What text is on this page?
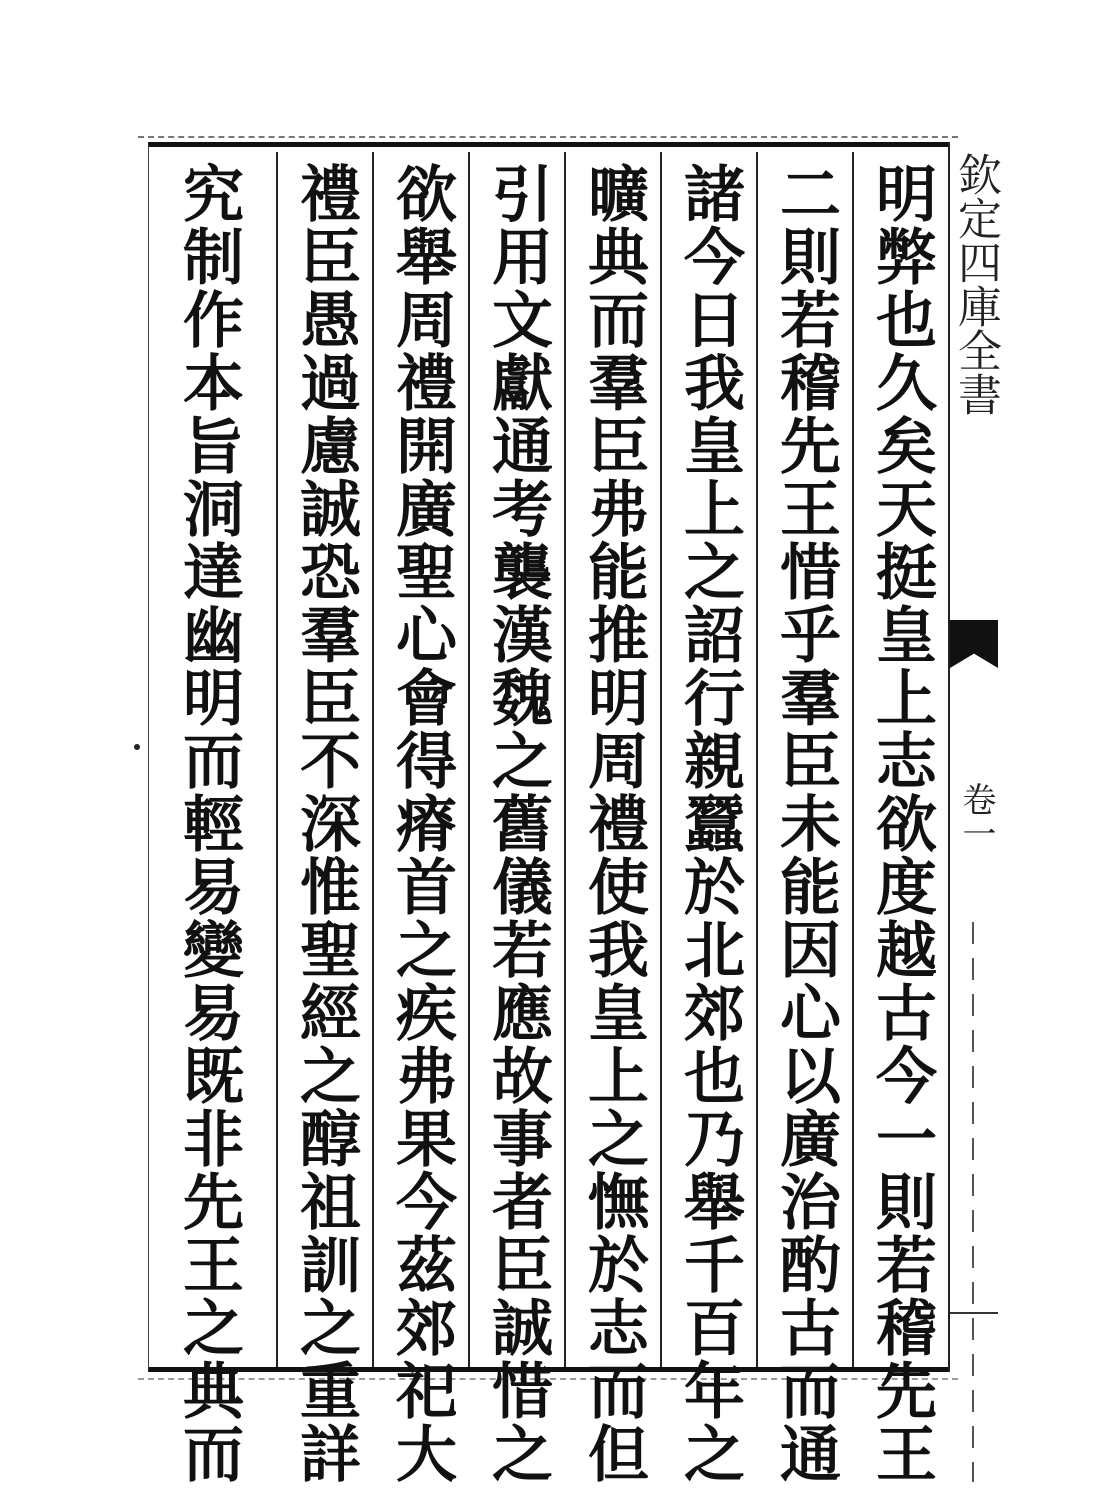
欽定四庫全書
卷一
明弊也久矣天挺皇上志欲度越古今一則若稽先王
二則若稽先王惜乎羣臣未能因心以廣治酌古而通
諸今日我皇上之詔行親蠶於北郊也乃舉千百年之
曠典而羣臣弗能推明周禮使我皇上之憮於志而但
引用文獻通考襲漢魏之舊儀若應故事者臣誠惜之
欲舉周禮開廣聖心會得瘠首之疾弗果今茲郊祀大
禮臣愚過慮誠恐羣臣不深惟聖經之醇祖訓之重詳
究制作本旨洞達幽明而輕易變易既非先王之典而
